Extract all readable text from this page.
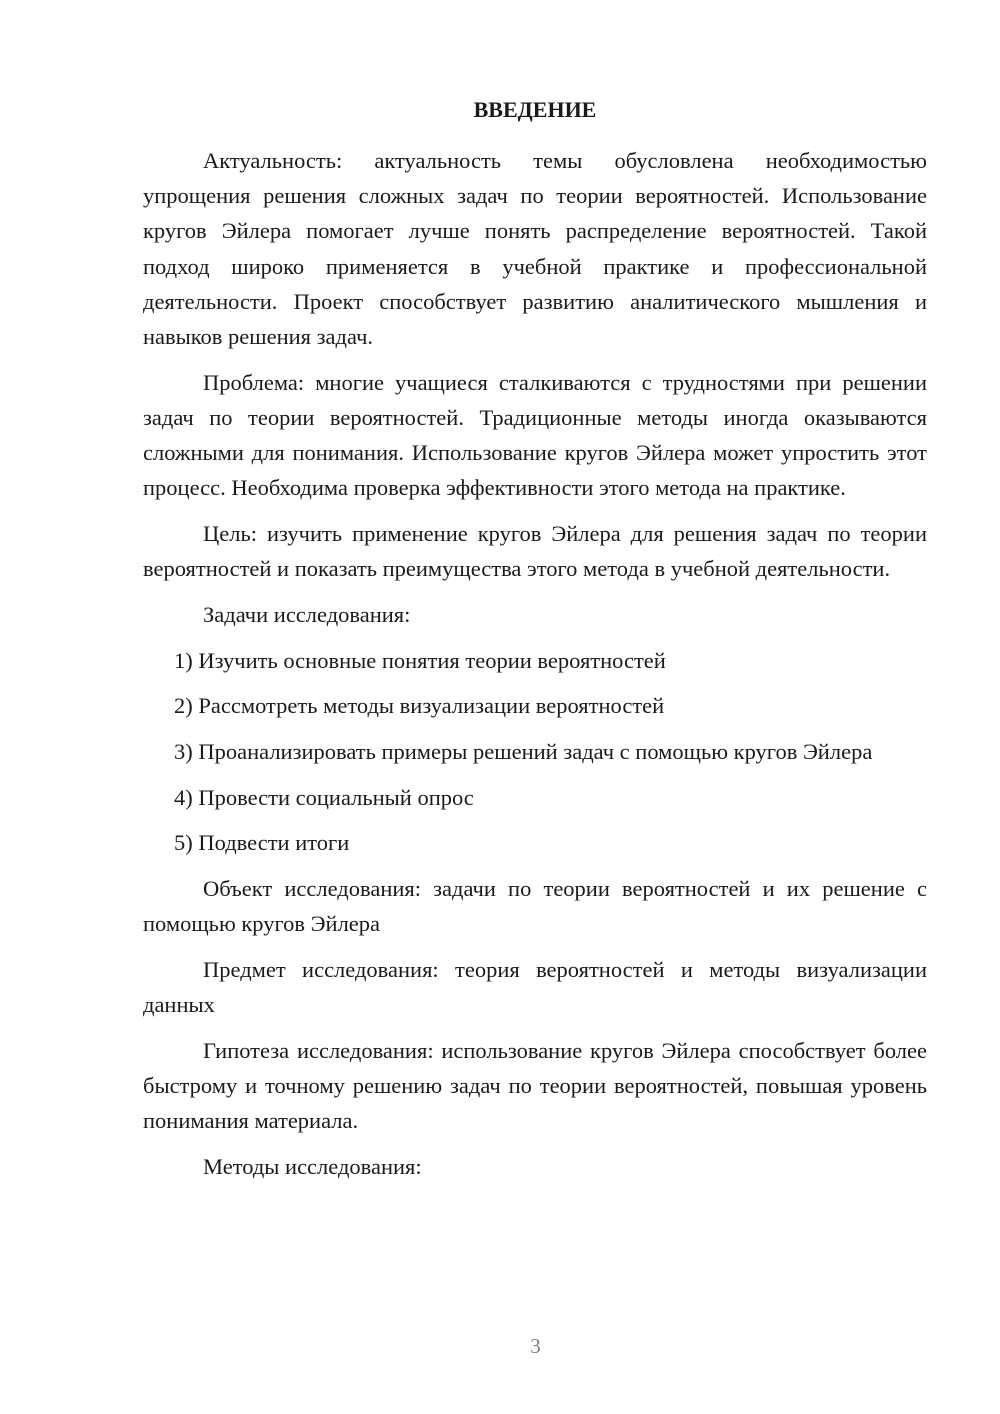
ВВЕДЕНИЕ

Актуальность: актуальность темы обусловлена необходимостью упрощения решения сложных задач по теории вероятностей. Использование кругов Эйлера помогает лучше понять распределение вероятностей. Такой подход широко применяется в учебной практике и профессиональной деятельности. Проект способствует развитию аналитического мышления и навыков решения задач.

Проблема: многие учащиеся сталкиваются с трудностями при решении задач по теории вероятностей. Традиционные методы иногда оказываются сложными для понимания. Использование кругов Эйлера может упростить этот процесс. Необходима проверка эффективности этого метода на практике.

Цель: изучить применение кругов Эйлера для решения задач по теории вероятностей и показать преимущества этого метода в учебной деятельности.

Задачи исследования:

1) Изучить основные понятия теории вероятностей

2) Рассмотреть методы визуализации вероятностей

3) Проанализировать примеры решений задач с помощью кругов Эйлера

4) Провести социальный опрос

5) Подвести итоги

Объект исследования: задачи по теории вероятностей и их решение с помощью кругов Эйлера

Предмет исследования: теория вероятностей и методы визуализации данных

Гипотеза исследования: использование кругов Эйлера способствует более быстрому и точному решению задач по теории вероятностей, повышая уровень понимания материала.

Методы исследования:

3
